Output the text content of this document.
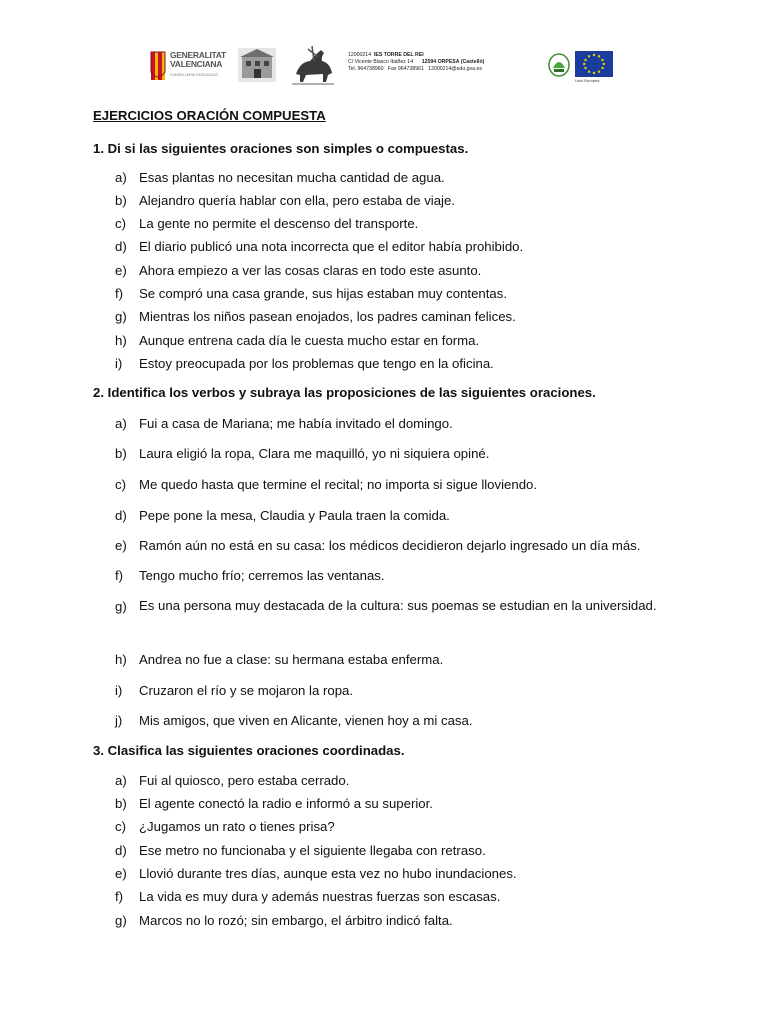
GENERALITAT
VALENCIANA
CONSELLERIA D'EDUCACIÓ
12000214 IES TORRE DEL REI
C/ Vicente Blasco Ibáñez 14 12594 ORPESA (Castelló)
Tel. 964738960 Fax 964738961 12000214@edu.gva.es
Unió Europea
EJERCICIOS ORACIÓN COMPUESTA
1. Di si las siguientes oraciones son simples o compuestas.
a) Esas plantas no necesitan mucha cantidad de agua.
b) Alejandro quería hablar con ella, pero estaba de viaje.
c) La gente no permite el descenso del transporte.
d) El diario publicó una nota incorrecta que el editor había prohibido.
e) Ahora empiezo a ver las cosas claras en todo este asunto.
f) Se compró una casa grande, sus hijas estaban muy contentas.
g) Mientras los niños pasean enojados, los padres caminan felices.
h) Aunque entrena cada día le cuesta mucho estar en forma.
i) Estoy preocupada por los problemas que tengo en la oficina.
2. Identifica los verbos y subraya las proposiciones de las siguientes oraciones.
a) Fui a casa de Mariana; me había invitado el domingo.
b) Laura eligió la ropa, Clara me maquilló, yo ni siquiera opiné.
c) Me quedo hasta que termine el recital; no importa si sigue lloviendo.
d) Pepe pone la mesa, Claudia y Paula traen la comida.
e) Ramón aún no está en su casa: los médicos decidieron dejarlo ingresado un día más.
f) Tengo mucho frío; cerremos las ventanas.
g) Es una persona muy destacada de la cultura: sus poemas se estudian en la universidad.
h) Andrea no fue a clase: su hermana estaba enferma.
i) Cruzaron el río y se mojaron la ropa.
j) Mis amigos, que viven en Alicante, vienen hoy a mi casa.
3. Clasifica las siguientes oraciones coordinadas.
a) Fui al quiosco, pero estaba cerrado.
b) El agente conectó la radio e informó a su superior.
c) ¿Jugamos un rato o tienes prisa?
d) Ese metro no funcionaba y el siguiente llegaba con retraso.
e) Llovió durante tres días, aunque esta vez no hubo inundaciones.
f) La vida es muy dura y además nuestras fuerzas son escasas.
g) Marcos no lo rozó; sin embargo, el árbitro indicó falta.
